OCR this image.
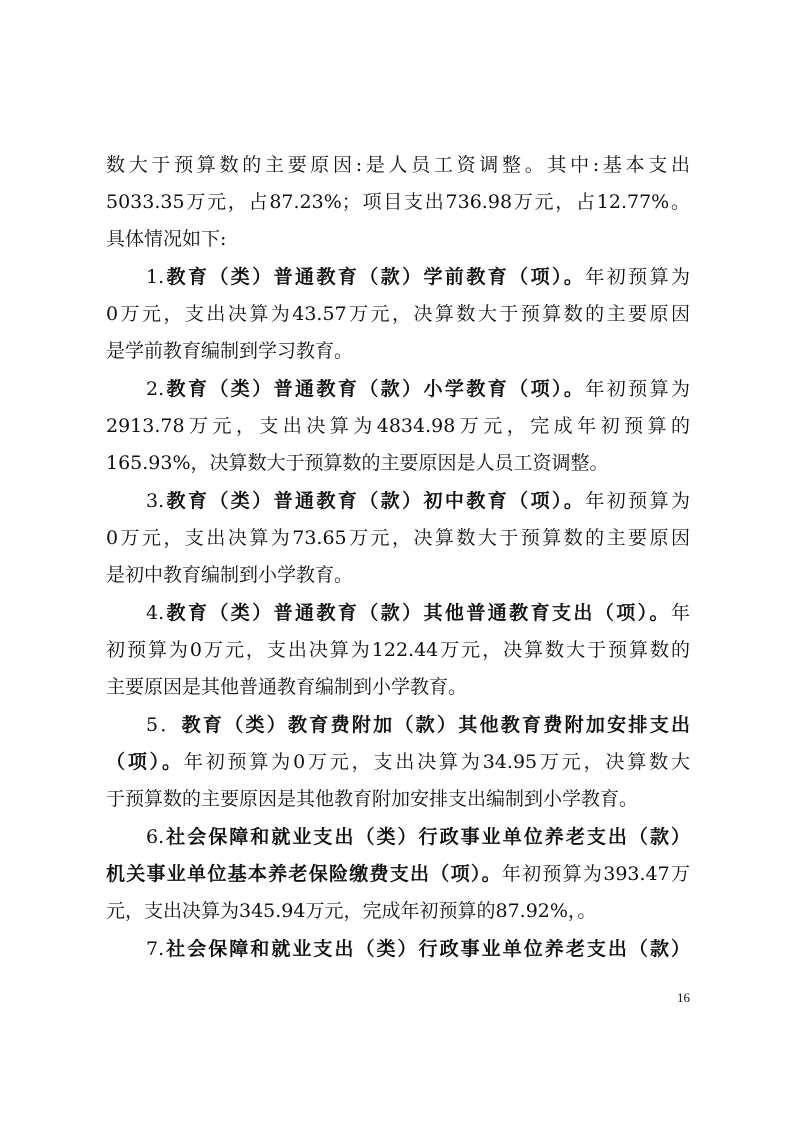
数大于预算数的主要原因:是人员工资调整。其中:基本支出
5033.35万元，占87.23%；项目支出736.98万元，占12.77%。
具体情况如下:
1.教育（类）普通教育（款）学前教育（项）。年初预算为
0万元，支出决算为43.57万元，决算数大于预算数的主要原因
是学前教育编制到学习教育。
2.教育（类）普通教育（款）小学教育（项）。年初预算为
2913.78万元，支出决算为4834.98万元，完成年初预算的
165.93%，决算数大于预算数的主要原因是人员工资调整。
3.教育（类）普通教育（款）初中教育（项）。年初预算为
0万元，支出决算为73.65万元，决算数大于预算数的主要原因
是初中教育编制到小学教育。
4.教育（类）普通教育（款）其他普通教育支出（项）。年
初预算为0万元，支出决算为122.44万元，决算数大于预算数的
主要原因是其他普通教育编制到小学教育。
5．教育（类）教育费附加（款）其他教育费附加安排支出
（项）。年初预算为0万元，支出决算为34.95万元，决算数大
于预算数的主要原因是其他教育附加安排支出编制到小学教育。
6.社会保障和就业支出（类）行政事业单位养老支出（款）
机关事业单位基本养老保险缴费支出（项）。年初预算为393.47万
元，支出决算为345.94万元，完成年初预算的87.92%，。
7.社会保障和就业支出（类）行政事业单位养老支出（款）
16
